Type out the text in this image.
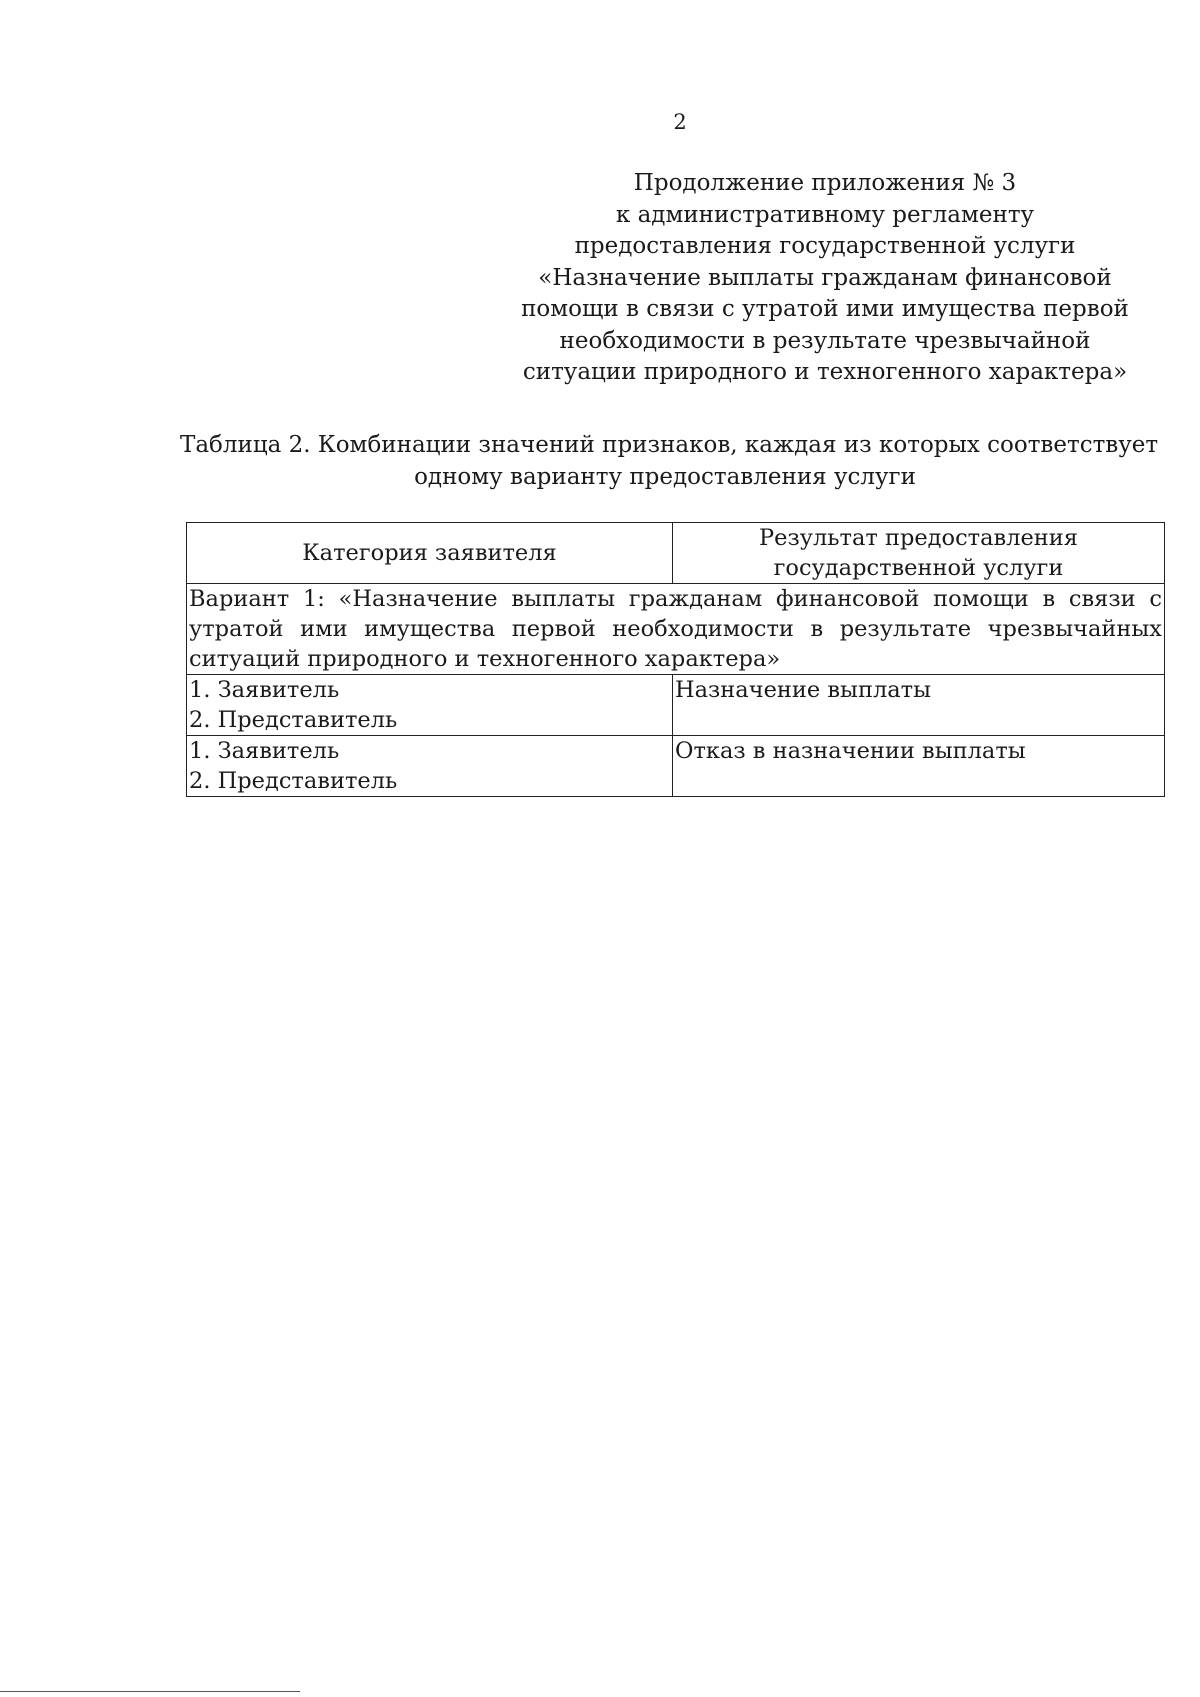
2
Продолжение приложения № 3
к административному регламенту
предоставления государственной услуги
«Назначение выплаты гражданам финансовой
помощи в связи с утратой ими имущества первой
необходимости в результате чрезвычайной
ситуации природного и техногенного характера»
Таблица 2. Комбинации значений признаков, каждая из которых соответствует
одному варианту предоставления услуги
Категория заявителя	Результат предоставления государственной услуги
Вариант 1: «Назначение выплаты гражданам финансовой помощи в связи с утратой ими имущества первой необходимости в результате чрезвычайных ситуаций природного и техногенного характера»	

1. Заявитель
2. Представитель	Назначение выплаты

1. Заявитель
2. Представитель	Отказ в назначении выплаты
